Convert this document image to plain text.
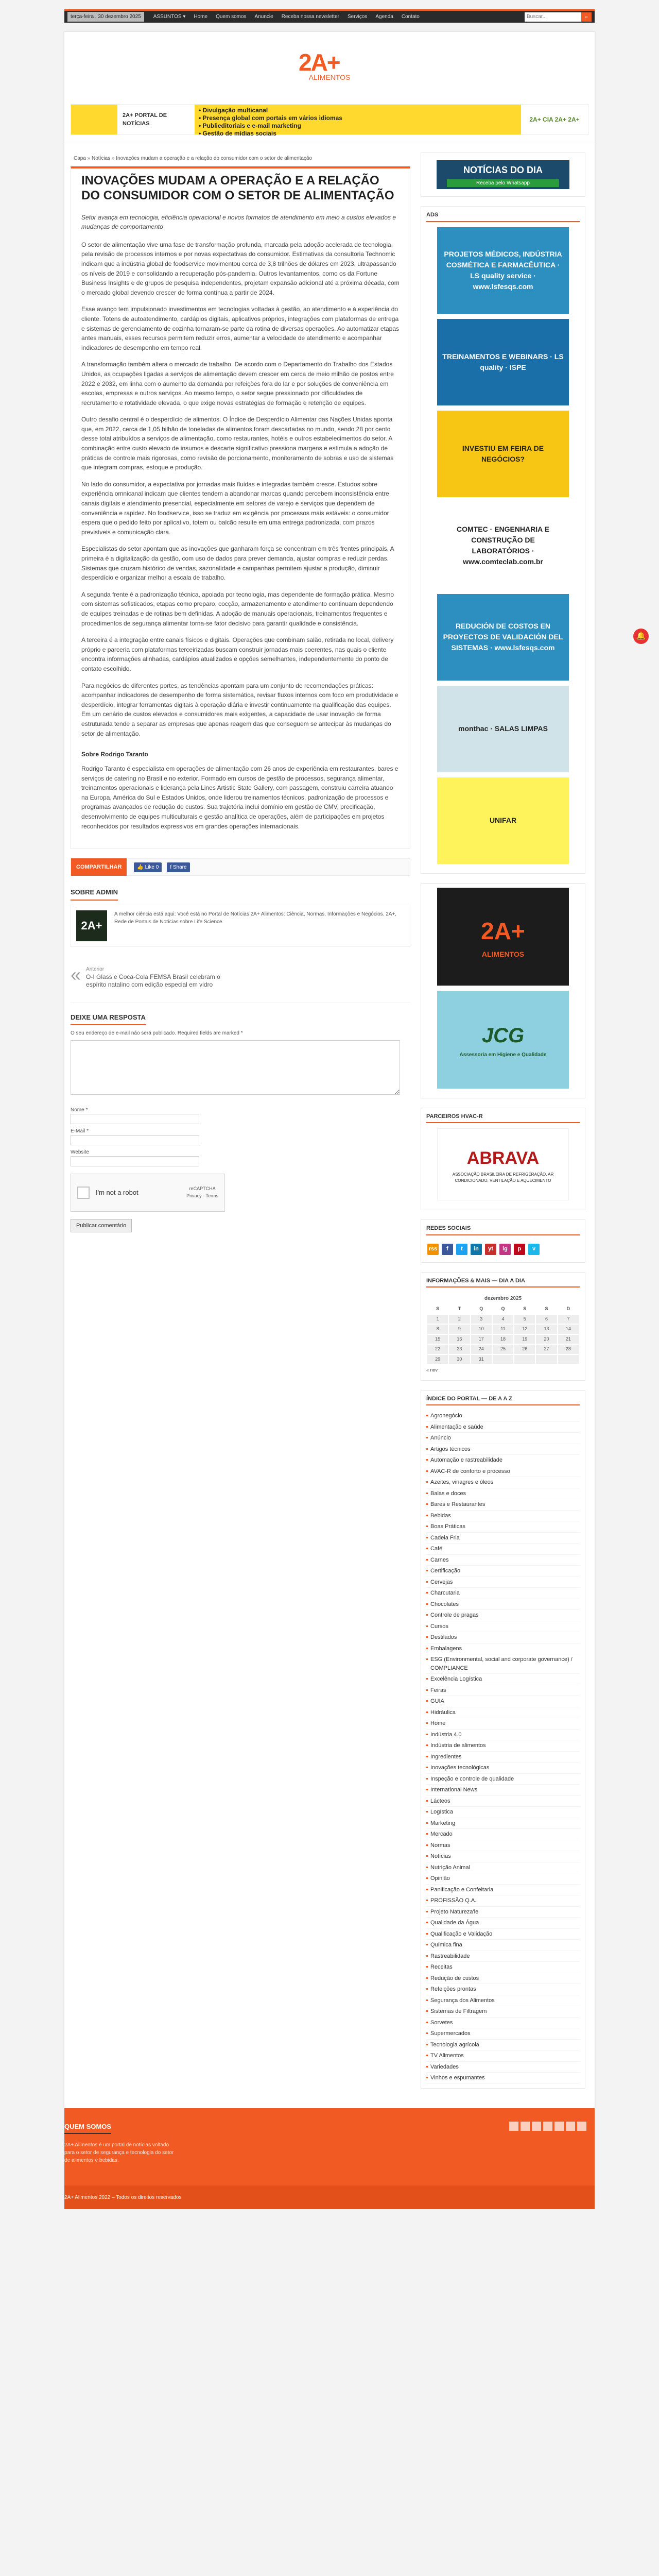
terça-feira , 30 dezembro 2025	ASSUNTOS ▾	Home	Quem somos	Anuncie	Receba nossa newsletter	Serviços	Agenda	Contato
Buscar...	⌕
2A+
ALIMENTOS
2A+ PORTAL DE NOTÍCIAS
• Divulgação multicanal
• Presença global com portais em vários idiomas
• Publieditoriais e e-mail marketing
• Gestão de mídias sociais
2A+ CIA 2A+ 2A+
Capa » Notícias » Inovações mudam a operação e a relação do consumidor com o setor de alimentação
INOVAÇÕES MUDAM A OPERAÇÃO E A RELAÇÃO DO CONSUMIDOR COM O SETOR DE ALIMENTAÇÃO

Setor avança em tecnologia, eficiência operacional e novos formatos de atendimento em meio a custos elevados e mudanças de comportamento

O setor de alimentação vive uma fase de transformação profunda, marcada pela adoção acelerada de tecnologia, pela revisão de processos internos e por novas expectativas do consumidor. Estimativas da consultoria Technomic indicam que a indústria global de foodservice movimentou cerca de 3,8 trilhões de dólares em 2023, ultrapassando os níveis de 2019 e consolidando a recuperação pós-pandemia. Outros levantamentos, como os da Fortune Business Insights e de grupos de pesquisa independentes, projetam expansão adicional até a próxima década, com o mercado global devendo crescer de forma contínua a partir de 2024.

Esse avanço tem impulsionado investimentos em tecnologias voltadas à gestão, ao atendimento e à experiência do cliente. Totens de autoatendimento, cardápios digitais, aplicativos próprios, integrações com plataformas de entrega e sistemas de gerenciamento de cozinha tornaram-se parte da rotina de diversas operações. Ao automatizar etapas antes manuais, esses recursos permitem reduzir erros, aumentar a velocidade de atendimento e acompanhar indicadores de desempenho em tempo real.

A transformação também altera o mercado de trabalho. De acordo com o Departamento do Trabalho dos Estados Unidos, as ocupações ligadas a serviços de alimentação devem crescer em cerca de meio milhão de postos entre 2022 e 2032, em linha com o aumento da demanda por refeições fora do lar e por soluções de conveniência em escolas, empresas e outros serviços. Ao mesmo tempo, o setor segue pressionado por dificuldades de recrutamento e rotatividade elevada, o que exige novas estratégias de formação e retenção de equipes.

Outro desafio central é o desperdício de alimentos. O Índice de Desperdício Alimentar das Nações Unidas aponta que, em 2022, cerca de 1,05 bilhão de toneladas de alimentos foram descartadas no mundo, sendo 28 por cento desse total atribuídos a serviços de alimentação, como restaurantes, hotéis e outros estabelecimentos do setor. A combinação entre custo elevado de insumos e descarte significativo pressiona margens e estimula a adoção de práticas de controle mais rigorosas, como revisão de porcionamento, monitoramento de sobras e uso de sistemas que integram compras, estoque e produção.

No lado do consumidor, a expectativa por jornadas mais fluidas e integradas também cresce. Estudos sobre experiência omnicanal indicam que clientes tendem a abandonar marcas quando percebem inconsistência entre canais digitais e atendimento presencial, especialmente em setores de varejo e serviços que dependem de conveniência e rapidez. No foodservice, isso se traduz em exigência por processos mais estáveis: o consumidor espera que o pedido feito por aplicativo, totem ou balcão resulte em uma entrega padronizada, com prazos previsíveis e comunicação clara.

Especialistas do setor apontam que as inovações que ganharam força se concentram em três frentes principais. A primeira é a digitalização da gestão, com uso de dados para prever demanda, ajustar compras e reduzir perdas. Sistemas que cruzam histórico de vendas, sazonalidade e campanhas permitem ajustar a produção, diminuir desperdício e organizar melhor a escala de trabalho.

A segunda frente é a padronização técnica, apoiada por tecnologia, mas dependente de formação prática. Mesmo com sistemas sofisticados, etapas como preparo, cocção, armazenamento e atendimento continuam dependendo de equipes treinadas e de rotinas bem definidas. A adoção de manuais operacionais, treinamentos frequentes e procedimentos de segurança alimentar torna-se fator decisivo para garantir qualidade e consistência.

A terceira é a integração entre canais físicos e digitais. Operações que combinam salão, retirada no local, delivery próprio e parceria com plataformas terceirizadas buscam construir jornadas mais coerentes, nas quais o cliente encontra informações alinhadas, cardápios atualizados e opções semelhantes, independentemente do ponto de contato escolhido.

Para negócios de diferentes portes, as tendências apontam para um conjunto de recomendações práticas: acompanhar indicadores de desempenho de forma sistemática, revisar fluxos internos com foco em produtividade e desperdício, integrar ferramentas digitais à operação diária e investir continuamente na qualificação das equipes. Em um cenário de custos elevados e consumidores mais exigentes, a capacidade de usar inovação de forma estruturada tende a separar as empresas que apenas reagem das que conseguem se antecipar às mudanças do setor de alimentação.

Sobre Rodrigo Taranto

Rodrigo Taranto é especialista em operações de alimentação com 26 anos de experiência em restaurantes, bares e serviços de catering no Brasil e no exterior. Formado em cursos de gestão de processos, segurança alimentar, treinamentos operacionais e liderança pela Lines Artistic State Gallery, com passagem, construiu carreira atuando na Europa, América do Sul e Estados Unidos, onde liderou treinamentos técnicos, padronização de processos e programas avançados de redução de custos. Sua trajetória inclui domínio em gestão de CMV, precificação, desenvolvimento de equipes multiculturais e gestão analítica de operações, além de participações em projetos reconhecidos por resultados expressivos em grandes operações internacionais.

COMPARTILHAR	👍 Like 0	f Share
SOBRE ADMIN
2A+
A melhor ciência está aqui: Você está no Portal de Notícias 2A+ Alimentos: Ciência, Normas, Informações e Negócios. 2A+, Rede de Portais de Notícias sobre Life Science.
« Anterior
O-I Glass e Coca-Cola FEMSA Brasil celebram o espírito natalino com edição especial em vidro
DEIXE UMA RESPOSTA

O seu endereço de e-mail não será publicado. Required fields are marked *

Nome *
E-Mail *
Website
I'm not a robot	reCAPTCHA
Privacy - Terms
Publicar comentário
NOTÍCIAS DO DIA
Receba pelo Whatsapp
ADS
PROJETOS MÉDICOS, INDÚSTRIA COSMÉTICA E FARMACÊUTICA · LS quality service · www.lsfesqs.com
TREINAMENTOS E WEBINARS · LS quality · ISPE
INVESTIU EM FEIRA DE NEGÓCIOS?
COMTEC · ENGENHARIA E CONSTRUÇÃO DE LABORATÓRIOS · www.comteclab.com.br
REDUCIÓN DE COSTOS EN PROYECTOS DE VALIDACIÓN DEL SISTEMAS · www.lsfesqs.com
monthac · SALAS LIMPAS
UNIFAR
2A+
ALIMENTOS
JCG
Assessoria em Higiene e Qualidade
PARCEIROS HVAC-R
ABRAVA
ASSOCIAÇÃO BRASILEIRA DE REFRIGERAÇÃO, AR CONDICIONADO, VENTILAÇÃO E AQUECIMENTO
REDES SOCIAIS
rss	f	t	in	yt	ig	p	v
INFORMAÇÕES & MAIS — DIA A DIA
dezembro 2025
S	T	Q	Q	S	S	D
1	2	3	4	5	6	7
8	9	10	11	12	13	14
15	16	17	18	19	20	21
22	23	24	25	26	27	28
29	30	31				
« nov
ÍNDICE DO PORTAL — DE A A Z
Agronegócio
Alimentação e saúde
Anúncio
Artigos técnicos
Automação e rastreabilidade
AVAC-R de conforto e processo
Azeites, vinagres e óleos
Balas e doces
Bares e Restaurantes
Bebidas
Boas Práticas
Cadeia Fria
Café
Carnes
Certificação
Cervejas
Charcutaria
Chocolates
Controle de pragas
Cursos
Destilados
Embalagens
ESG (Environmental, social and corporate governance) / COMPLIANCE
Excelência Logística
Feiras
GUIA
Hidráulica
Home
Indústria 4.0
Indústria de alimentos
Ingredientes
Inovações tecnológicas
Inspeção e controle de qualidade
International News
Lácteos
Logística
Marketing
Mercado
Normas
Notícias
Nutrição Animal
Opinião
Panificação e Confeitaria
PROFISSÃO Q.A.
Projeto Natureza'le
Qualidade da Água
Qualificação e Validação
Química fina
Rastreabilidade
Receitas
Redução de custos
Refeições prontas
Segurança dos Alimentos
Sistemas de Filtragem
Sorvetes
Supermercados
Tecnologia agrícola
TV Alimentos
Variedades
Vinhos e espumantes
QUEM SOMOS

2A+ Alimentos é um portal de notícias voltado para o setor de segurança e tecnologia do setor de alimentos e bebidas.

2A+ Alimentos 2022 – Todos os direitos reservados
🔔
